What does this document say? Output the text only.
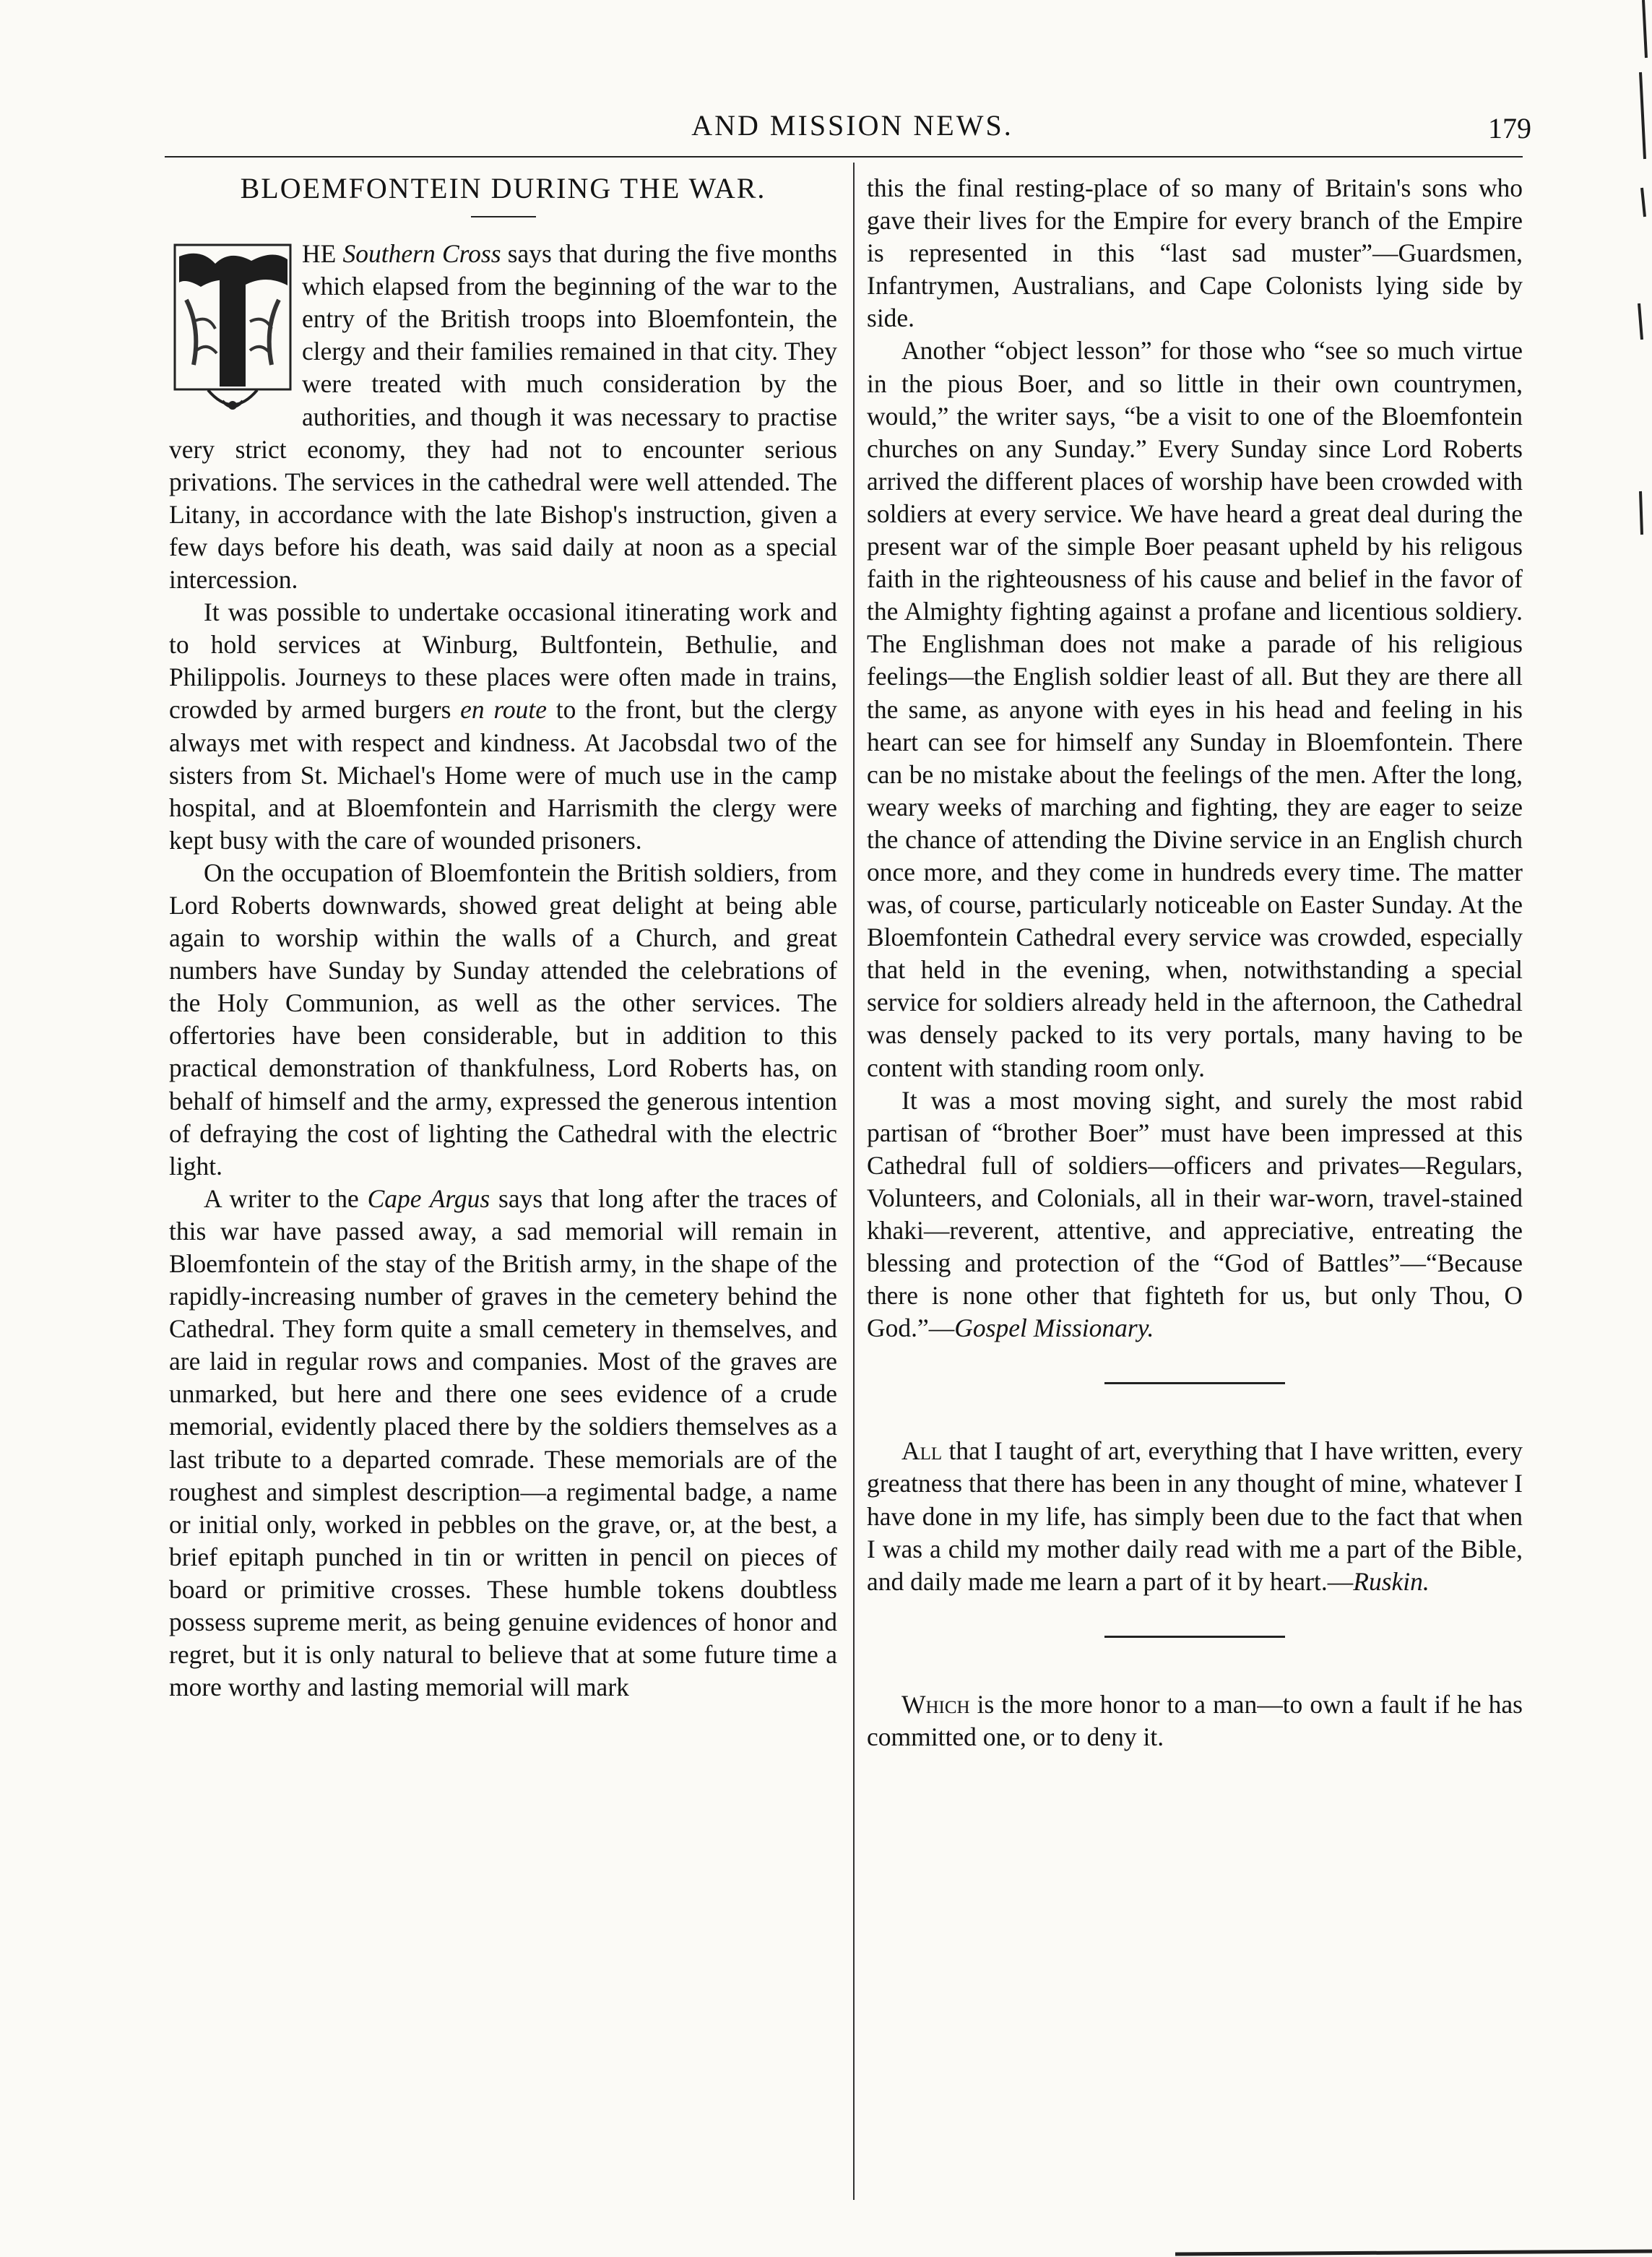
AND MISSION NEWS.	179
BLOEMFONTEIN DURING THE WAR.

HE Southern Cross says that during the five months which elapsed from the beginning of the war to the entry of the British troops into Bloemfontein, the clergy and their families remained in that city. They were treated with much consideration by the authorities, and though it was necessary to practise very strict economy, they had not to encounter serious privations. The services in the cathedral were well attended. The Litany, in accordance with the late Bishop's instruction, given a few days before his death, was said daily at noon as a special intercession.

It was possible to undertake occasional itinerating work and to hold services at Winburg, Bultfontein, Bethulie, and Philippolis. Journeys to these places were often made in trains, crowded by armed burgers en route to the front, but the clergy always met with respect and kindness. At Jacobsdal two of the sisters from St. Michael's Home were of much use in the camp hospital, and at Bloemfontein and Harrismith the clergy were kept busy with the care of wounded prisoners.

On the occupation of Bloemfontein the British soldiers, from Lord Roberts downwards, showed great delight at being able again to worship within the walls of a Church, and great numbers have Sunday by Sunday attended the celebrations of the Holy Communion, as well as the other services. The offertories have been considerable, but in addition to this practical demonstration of thankfulness, Lord Roberts has, on behalf of himself and the army, expressed the generous intention of defraying the cost of lighting the Cathedral with the electric light.

A writer to the Cape Argus says that long after the traces of this war have passed away, a sad memorial will remain in Bloemfontein of the stay of the British army, in the shape of the rapidly-increasing number of graves in the cemetery behind the Cathedral. They form quite a small cemetery in themselves, and are laid in regular rows and companies. Most of the graves are unmarked, but here and there one sees evidence of a crude memorial, evidently placed there by the soldiers themselves as a last tribute to a departed comrade. These memorials are of the roughest and simplest description—a regimental badge, a name or initial only, worked in pebbles on the grave, or, at the best, a brief epitaph punched in tin or written in pencil on pieces of board or primitive crosses. These humble tokens doubtless possess supreme merit, as being genuine evidences of honor and regret, but it is only natural to believe that at some future time a more worthy and lasting memorial will mark

this the final resting-place of so many of Britain's sons who gave their lives for the Empire for every branch of the Empire is represented in this “last sad muster”—Guardsmen, Infantrymen, Australians, and Cape Colonists lying side by side.

Another “object lesson” for those who “see so much virtue in the pious Boer, and so little in their own countrymen, would,” the writer says, “be a visit to one of the Bloemfontein churches on any Sunday.” Every Sunday since Lord Roberts arrived the different places of worship have been crowded with soldiers at every service. We have heard a great deal during the present war of the simple Boer peasant upheld by his religous faith in the righteousness of his cause and belief in the favor of the Almighty fighting against a profane and licentious soldiery. The Englishman does not make a parade of his religious feelings—the English soldier least of all. But they are there all the same, as anyone with eyes in his head and feeling in his heart can see for himself any Sunday in Bloemfontein. There can be no mistake about the feelings of the men. After the long, weary weeks of marching and fighting, they are eager to seize the chance of attending the Divine service in an English church once more, and they come in hundreds every time. The matter was, of course, particularly noticeable on Easter Sunday. At the Bloemfontein Cathedral every service was crowded, especially that held in the evening, when, notwithstanding a special service for soldiers already held in the afternoon, the Cathedral was densely packed to its very portals, many having to be content with standing room only.

It was a most moving sight, and surely the most rabid partisan of “brother Boer” must have been impressed at this Cathedral full of soldiers—officers and privates—Regulars, Volunteers, and Colonials, all in their war-worn, travel-stained khaki—reverent, attentive, and appreciative, entreating the blessing and protection of the “God of Battles”—“Because there is none other that fighteth for us, but only Thou, O God.”—Gospel Missionary.

All that I taught of art, everything that I have written, every greatness that there has been in any thought of mine, whatever I have done in my life, has simply been due to the fact that when I was a child my mother daily read with me a part of the Bible, and daily made me learn a part of it by heart.—Ruskin.

Which is the more honor to a man—to own a fault if he has committed one, or to deny it.
